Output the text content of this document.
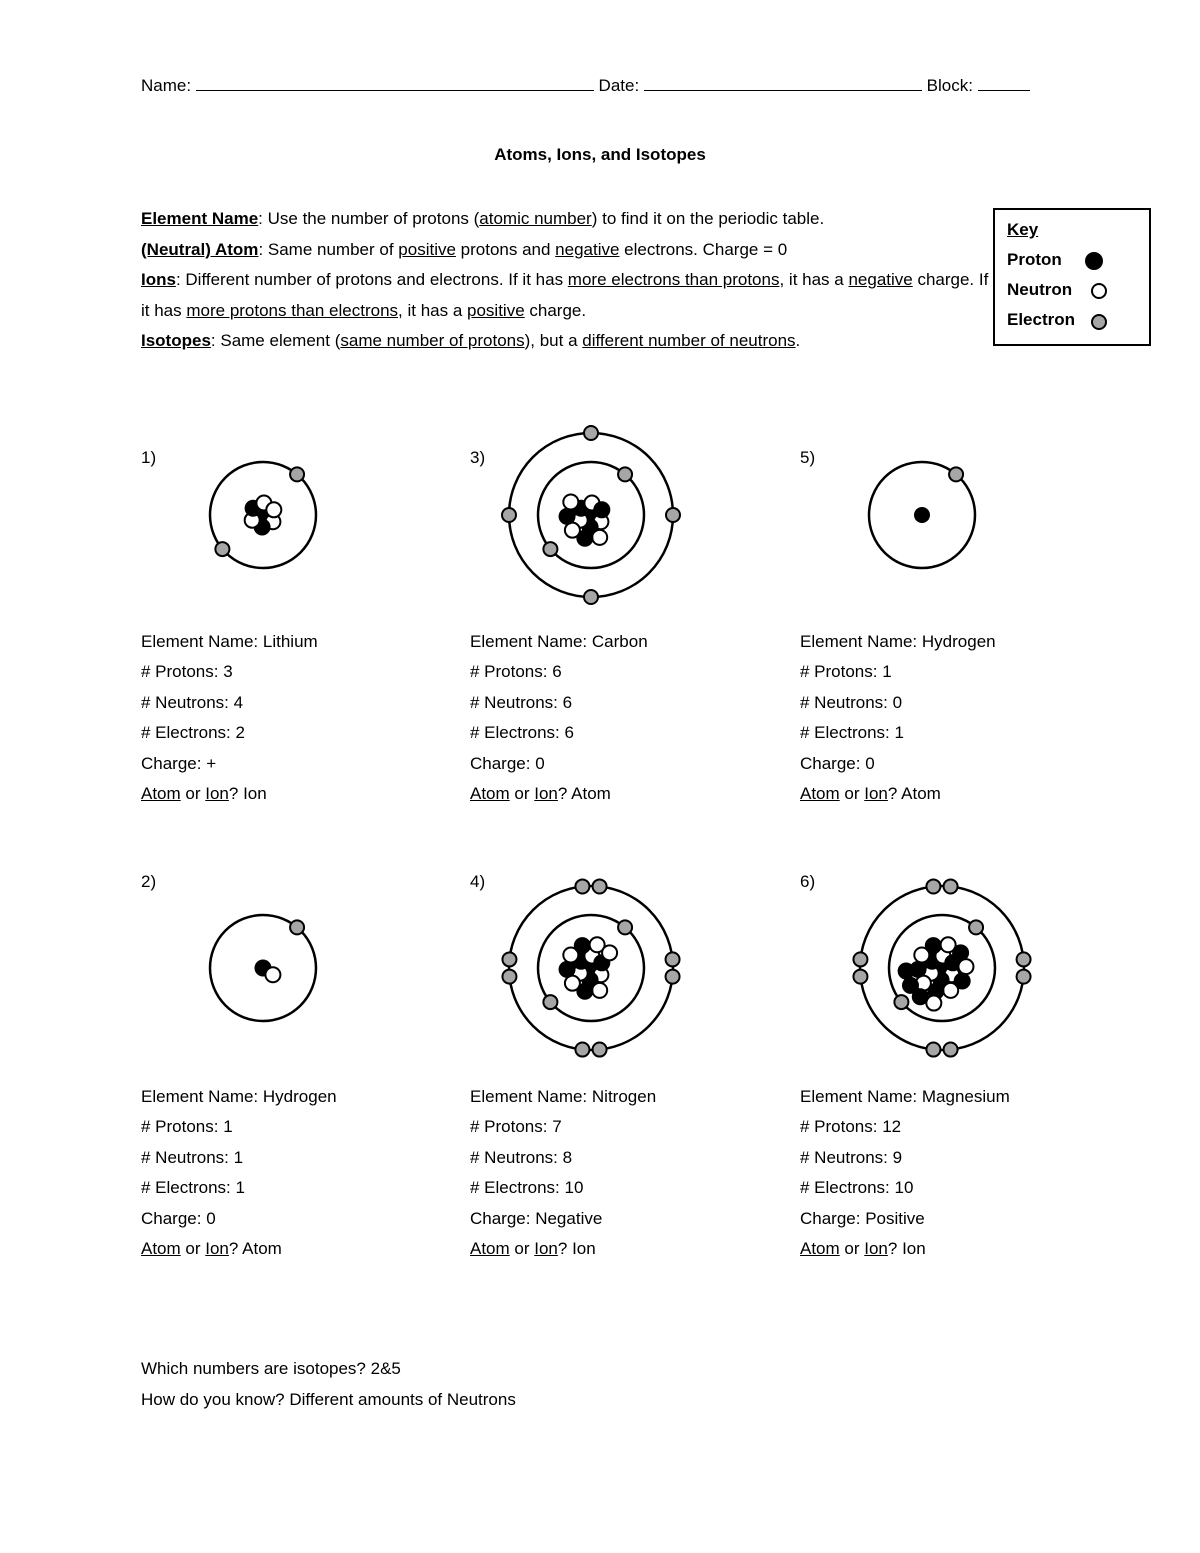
Name:	Date:	Block:
Atoms, Ions, and Isotopes

Element Name: Use the number of protons (atomic number) to find it on the periodic table.

(Neutral) Atom: Same number of positive protons and negative electrons. Charge = 0

Ions: Different number of protons and electrons. If it has more electrons than protons, it has a negative charge. If it has more protons than electrons, it has a positive charge.

Isotopes: Same element (same number of protons), but a different number of neutrons.

Key
Proton
Neutron
Electron
1)
Element Name: Lithium
# Protons: 3
# Neutrons: 4
# Electrons: 2
Charge: +
Atom or Ion? Ion
3)
Element Name: Carbon
# Protons: 6
# Neutrons: 6
# Electrons: 6
Charge: 0
Atom or Ion? Atom
5)
Element Name: Hydrogen
# Protons: 1
# Neutrons: 0
# Electrons: 1
Charge: 0
Atom or Ion? Atom
2)
Element Name: Hydrogen
# Protons: 1
# Neutrons: 1
# Electrons: 1
Charge: 0
Atom or Ion? Atom
4)
Element Name: Nitrogen
# Protons: 7
# Neutrons: 8
# Electrons: 10
Charge: Negative
Atom or Ion? Ion
6)
Element Name: Magnesium
# Protons: 12
# Neutrons: 9
# Electrons: 10
Charge: Positive
Atom or Ion? Ion
Which numbers are isotopes? 2&5
How do you know? Different amounts of Neutrons
